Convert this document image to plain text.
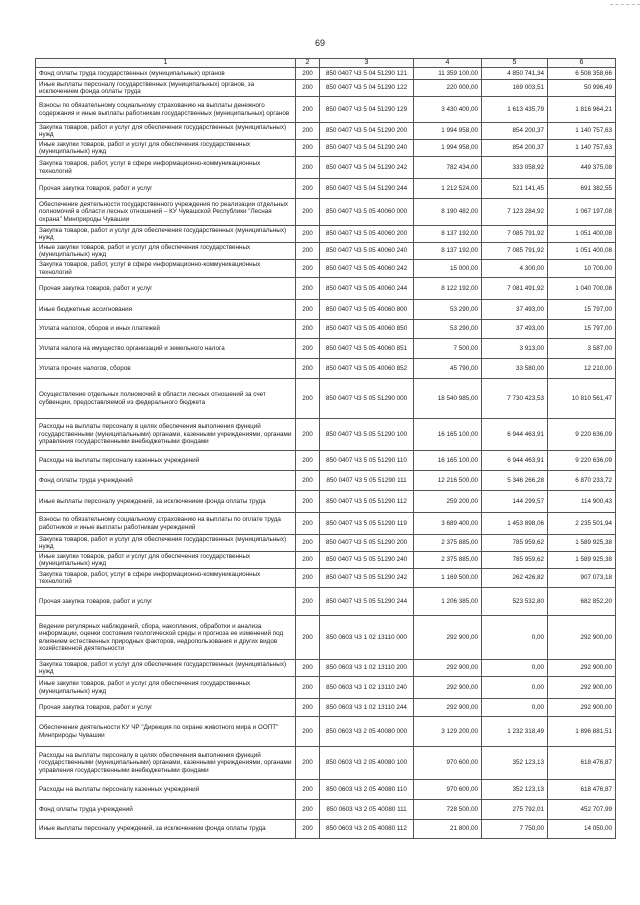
69
1	2	3	4	5	6
Фонд оплаты труда государственных (муниципальных) органов	200	850 0407 Ч3 5 04 51290 121	11 359 100,00	4 850 741,34	6 508 358,66
Иные выплаты персоналу государственных (муниципальных) органов, за исключением фонда оплаты труда	200	850 0407 Ч3 5 04 51290 122	220 000,00	169 003,51	50 996,49
Взносы по обязательному социальному страхованию на выплаты денежного содержания и иные выплаты работникам государственных (муниципальных) органов	200	850 0407 Ч3 5 04 51290 129	3 430 400,00	1 613 435,79	1 816 964,21
Закупка товаров, работ и услуг для обеспечения государственных (муниципальных) нужд	200	850 0407 Ч3 5 04 51290 200	1 994 958,00	854 200,37	1 140 757,63
Иные закупки товаров, работ и услуг для обеспечения государственных (муниципальных) нужд	200	850 0407 Ч3 5 04 51290 240	1 994 958,00	854 200,37	1 140 757,63
Закупка товаров, работ, услуг в сфере информационно-коммуникационных технологий	200	850 0407 Ч3 5 04 51290 242	782 434,00	333 058,92	449 375,08
Прочая закупка товаров, работ и услуг	200	850 0407 Ч3 5 04 51290 244	1 212 524,00	521 141,45	691 382,55
Обеспечение деятельности государственного учреждения по реализации отдельных полномочий в области лесных отношений – КУ Чувашской Республики "Лесная охрана" Минприроды Чувашии	200	850 0407 Ч3 5 05 40060 000	8 190 482,00	7 123 284,92	1 067 197,08
Закупка товаров, работ и услуг для обеспечения государственных (муниципальных) нужд	200	850 0407 Ч3 5 05 40060 200	8 137 192,00	7 085 791,92	1 051 400,08
Иные закупки товаров, работ и услуг для обеспечения государственных (муниципальных) нужд	200	850 0407 Ч3 5 05 40060 240	8 137 192,00	7 085 791,92	1 051 400,08
Закупка товаров, работ, услуг в сфере информационно-коммуникационных технологий	200	850 0407 Ч3 5 05 40060 242	15 000,00	4 300,00	10 700,00
Прочая закупка товаров, работ и услуг	200	850 0407 Ч3 5 05 40060 244	8 122 192,00	7 081 491,92	1 040 700,08
Иные бюджетные ассигнования	200	850 0407 Ч3 5 05 40060 800	53 290,00	37 493,00	15 797,00
Уплата налогов, сборов и иных платежей	200	850 0407 Ч3 5 05 40060 850	53 290,00	37 493,00	15 797,00
Уплата налога на имущество организаций и земельного налога	200	850 0407 Ч3 5 05 40060 851	7 500,00	3 913,00	3 587,00
Уплата прочих налогов, сборов	200	850 0407 Ч3 5 05 40060 852	45 790,00	33 580,00	12 210,00
Осуществление отдельных полномочий в области лесных отношений за счет субвенции, предоставляемой из федерального бюджета	200	850 0407 Ч3 5 05 51290 000	18 540 985,00	7 730 423,53	10 810 561,47
Расходы на выплаты персоналу в целях обеспечения выполнения функций государственными (муниципальными) органами, казенными учреждениями, органами управления государственными внебюджетными фондами	200	850 0407 Ч3 5 05 51290 100	16 165 100,00	6 944 463,91	9 220 636,09
Расходы на выплаты персоналу казенных учреждений	200	850 0407 Ч3 5 05 51290 110	16 165 100,00	6 944 463,91	9 220 636,09
Фонд оплаты труда учреждений	200	850 0407 Ч3 5 05 51290 111	12 216 500,00	5 346 266,28	6 870 233,72
Иные выплаты персоналу учреждений, за исключением фонда оплаты труда	200	850 0407 Ч3 5 05 51290 112	259 200,00	144 299,57	114 900,43
Взносы по обязательному социальному страхованию на выплаты по оплате труда работников и иные выплаты работникам учреждений	200	850 0407 Ч3 5 05 51290 119	3 689 400,00	1 453 898,06	2 235 501,94
Закупка товаров, работ и услуг для обеспечения государственных (муниципальных) нужд	200	850 0407 Ч3 5 05 51290 200	2 375 885,00	785 959,62	1 589 925,38
Иные закупки товаров, работ и услуг для обеспечения государственных (муниципальных) нужд	200	850 0407 Ч3 5 05 51290 240	2 375 885,00	785 959,62	1 589 925,38
Закупка товаров, работ, услуг в сфере информационно-коммуникационных технологий	200	850 0407 Ч3 5 05 51290 242	1 169 500,00	262 426,82	907 073,18
Прочая закупка товаров, работ и услуг	200	850 0407 Ч3 5 05 51290 244	1 206 385,00	523 532,80	682 852,20
Ведение регулярных наблюдений, сбора, накопления, обработки и анализа информации, оценки состояния геологической среды и прогноза ее изменений под влиянием естественных природных факторов, недропользования и других видов хозяйственной деятельности	200	850 0603 Ч3 1 02 13110 000	292 900,00	0,00	292 900,00
Закупка товаров, работ и услуг для обеспечения государственных (муниципальных) нужд	200	850 0603 Ч3 1 02 13110 200	292 900,00	0,00	292 900,00
Иные закупки товаров, работ и услуг для обеспечения государственных (муниципальных) нужд	200	850 0603 Ч3 1 02 13110 240	292 900,00	0,00	292 900,00
Прочая закупка товаров, работ и услуг	200	850 0603 Ч3 1 02 13110 244	292 900,00	0,00	292 900,00
Обеспечение деятельности КУ ЧР "Дирекция по охране животного мира и ООПТ" Минприроды Чувашии	200	850 0603 Ч3 2 05 40080 000	3 129 200,00	1 232 318,49	1 896 881,51
Расходы на выплаты персоналу в целях обеспечения выполнения функций государственными (муниципальными) органами, казенными учреждениями, органами управления государственными внебюджетными фондами	200	850 0603 Ч3 2 05 40080 100	970 600,00	352 123,13	618 476,87
Расходы на выплаты персоналу казенных учреждений	200	850 0603 Ч3 2 05 40080 110	970 600,00	352 123,13	618 476,87
Фонд оплаты труда учреждений	200	850 0603 Ч3 2 05 40080 111	728 500,00	275 792,01	452 707,99
Иные выплаты персоналу учреждений, за исключением фонда оплаты труда	200	850 0603 Ч3 2 05 40080 112	21 800,00	7 750,00	14 050,00
